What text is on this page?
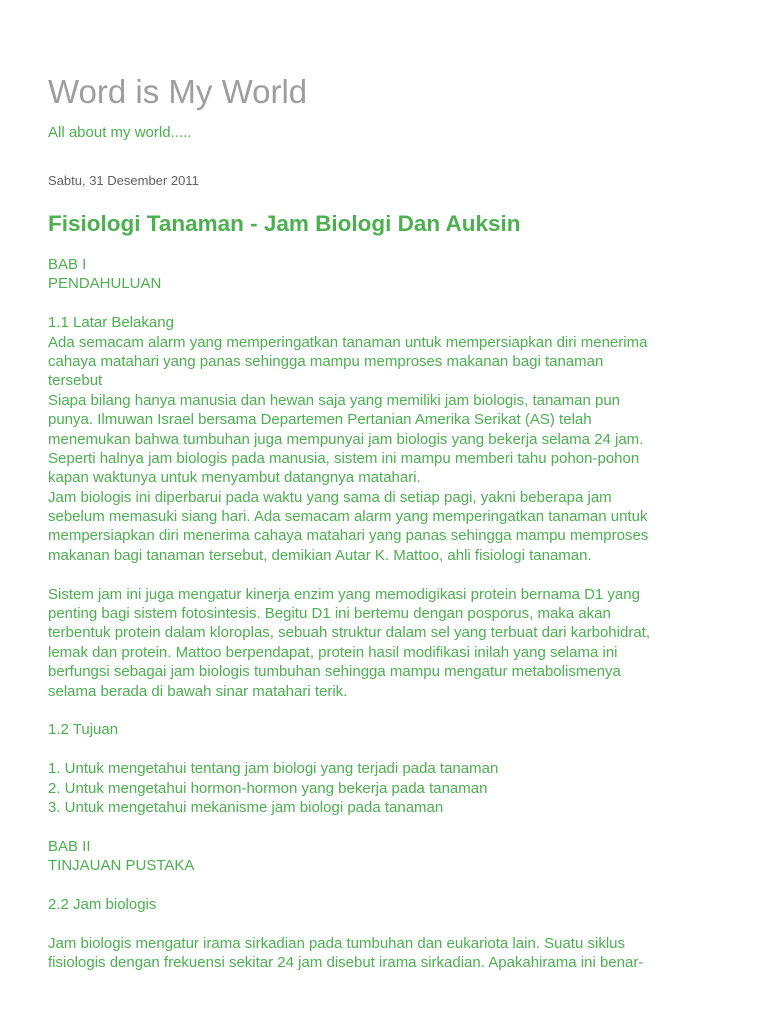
Word is My World

All about my world.....

Sabtu, 31 Desember 2011

Fisiologi Tanaman - Jam Biologi Dan Auksin
BAB I
PENDAHULUAN
1.1 Latar Belakang
Ada semacam alarm yang memperingatkan tanaman untuk mempersiapkan diri menerima
cahaya matahari yang panas sehingga mampu memproses makanan bagi tanaman
tersebut
Siapa bilang hanya manusia dan hewan saja yang memiliki jam biologis, tanaman pun
punya. Ilmuwan Israel bersama Departemen Pertanian Amerika Serikat (AS) telah
menemukan bahwa tumbuhan juga mempunyai jam biologis yang bekerja selama 24 jam.
Seperti halnya jam biologis pada manusia, sistem ini mampu memberi tahu pohon-pohon
kapan waktunya untuk menyambut datangnya matahari.
Jam biologis ini diperbarui pada waktu yang sama di setiap pagi, yakni beberapa jam
sebelum memasuki siang hari. Ada semacam alarm yang memperingatkan tanaman untuk
mempersiapkan diri menerima cahaya matahari yang panas sehingga mampu memproses
makanan bagi tanaman tersebut, demikian Autar K. Mattoo, ahli fisiologi tanaman.
Sistem jam ini juga mengatur kinerja enzim yang memodigikasi protein bernama D1 yang
penting bagi sistem fotosintesis. Begitu D1 ini bertemu dengan posporus, maka akan
terbentuk protein dalam kloroplas, sebuah struktur dalam sel yang terbuat dari karbohidrat,
lemak dan protein. Mattoo berpendapat, protein hasil modifikasi inilah yang selama ini
berfungsi sebagai jam biologis tumbuhan sehingga mampu mengatur metabolismenya
selama berada di bawah sinar matahari terik.
1.2 Tujuan
1. Untuk mengetahui tentang jam biologi yang terjadi pada tanaman
2. Untuk mengetahui hormon-hormon yang bekerja pada tanaman
3. Untuk mengetahui mekanisme jam biologi pada tanaman
BAB II
TINJAUAN PUSTAKA
2.2 Jam biologis
Jam biologis mengatur irama sirkadian pada tumbuhan dan eukariota lain. Suatu siklus
fisiologis dengan frekuensi sekitar 24 jam disebut irama sirkadian. Apakahirama ini benar-
